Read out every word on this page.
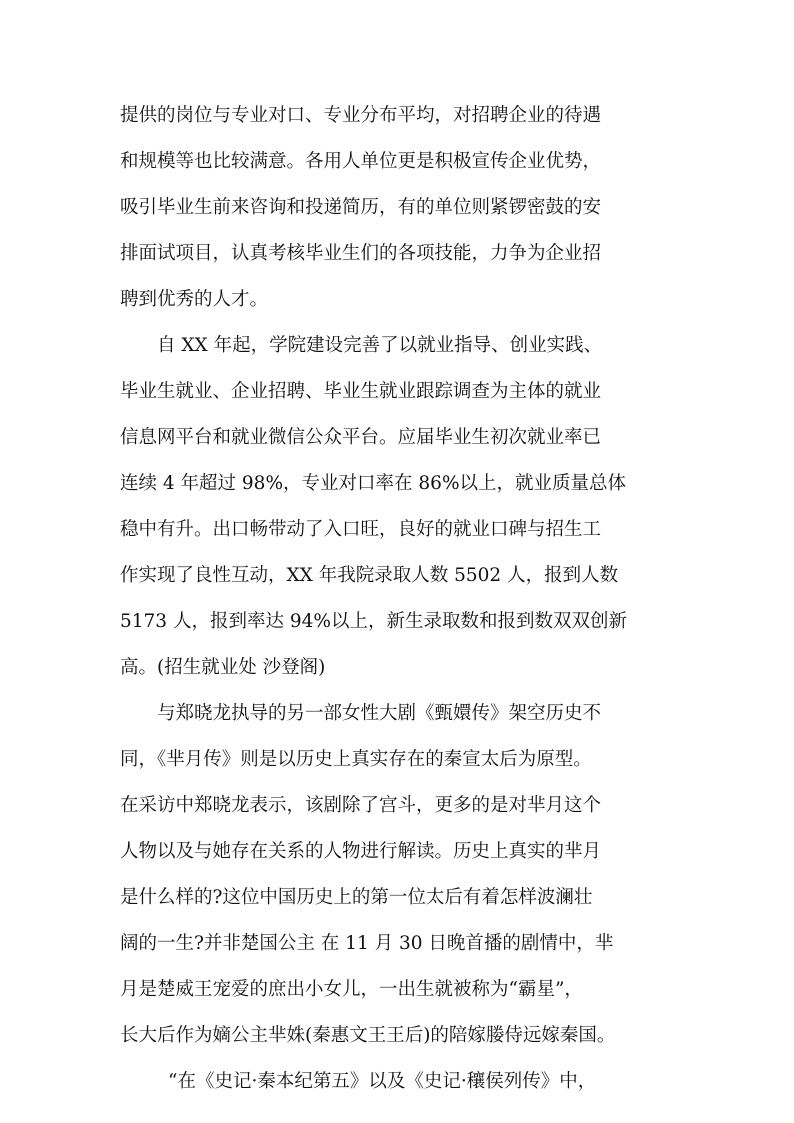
提供的岗位与专业对口、专业分布平均，对招聘企业的待遇
和规模等也比较满意。各用人单位更是积极宣传企业优势，
吸引毕业生前来咨询和投递简历，有的单位则紧锣密鼓的安
排面试项目，认真考核毕业生们的各项技能，力争为企业招
聘到优秀的人才。
自 XX 年起，学院建设完善了以就业指导、创业实践、
毕业生就业、企业招聘、毕业生就业跟踪调查为主体的就业
信息网平台和就业微信公众平台。应届毕业生初次就业率已
连续 4 年超过 98%，专业对口率在 86%以上，就业质量总体
稳中有升。出口畅带动了入口旺，良好的就业口碑与招生工
作实现了良性互动，XX 年我院录取人数 5502 人，报到人数
5173 人，报到率达 94%以上，新生录取数和报到数双双创新
高。(招生就业处 沙登阁)
与郑晓龙执导的另一部女性大剧《甄嬛传》架空历史不
同，《芈月传》则是以历史上真实存在的秦宣太后为原型。
在采访中郑晓龙表示，该剧除了宫斗，更多的是对芈月这个
人物以及与她存在关系的人物进行解读。历史上真实的芈月
是什么样的?这位中国历史上的第一位太后有着怎样波澜壮
阔的一生?并非楚国公主 在 11 月 30 日晚首播的剧情中，芈
月是楚威王宠爱的庶出小女儿，一出生就被称为“霸星”，
长大后作为嫡公主芈姝(秦惠文王王后)的陪嫁媵侍远嫁秦国。
“在《史记·秦本纪第五》以及《史记·穰侯列传》中，
